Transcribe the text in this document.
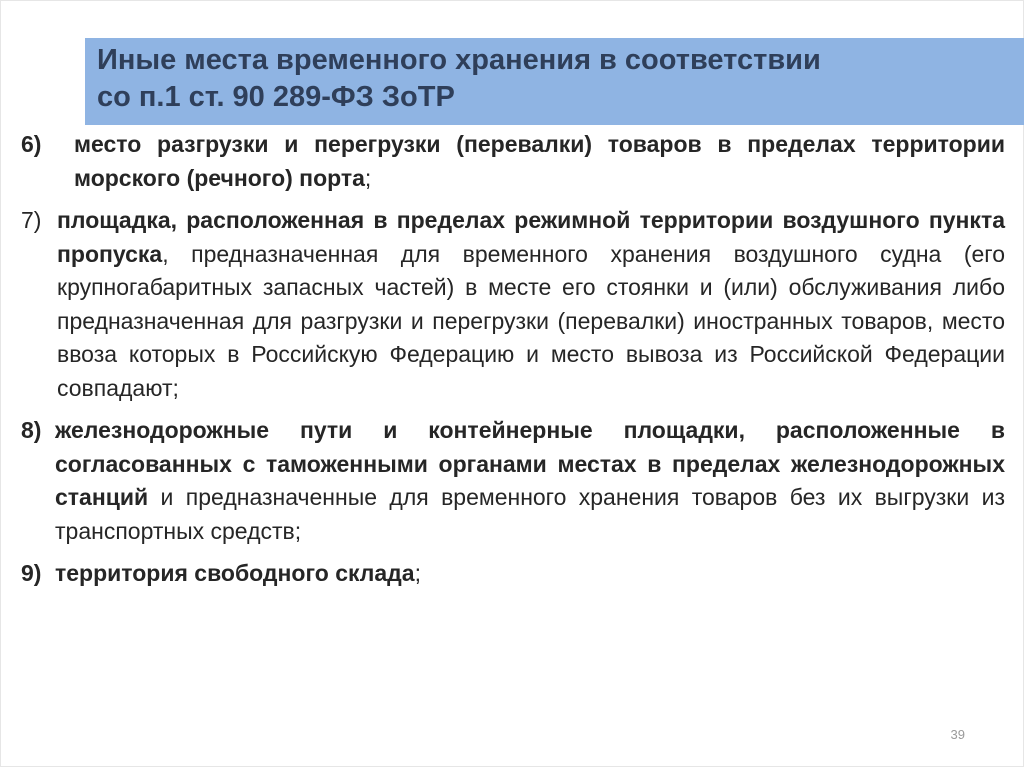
Иные места временного хранения в соответствии
со п.1 ст. 90 289-ФЗ ЗоТР
6)	место разгрузки и перегрузки (перевалки) товаров в пределах территории морского (речного) порта;
7) площадка, расположенная в пределах режимной территории воздушного пункта пропуска, предназначенная для временного хранения воздушного судна (его крупногабаритных запасных частей) в месте его стоянки и (или) обслуживания либо предназначенная для разгрузки и перегрузки (перевалки) иностранных товаров, место ввоза которых в Российскую Федерацию и место вывоза из Российской Федерации совпадают;
8) железнодорожные пути и контейнерные площадки, расположенные в согласованных с таможенными органами местах в пределах железнодорожных станций и предназначенные для временного хранения товаров без их выгрузки из транспортных средств;
9) территория свободного склада;
39
